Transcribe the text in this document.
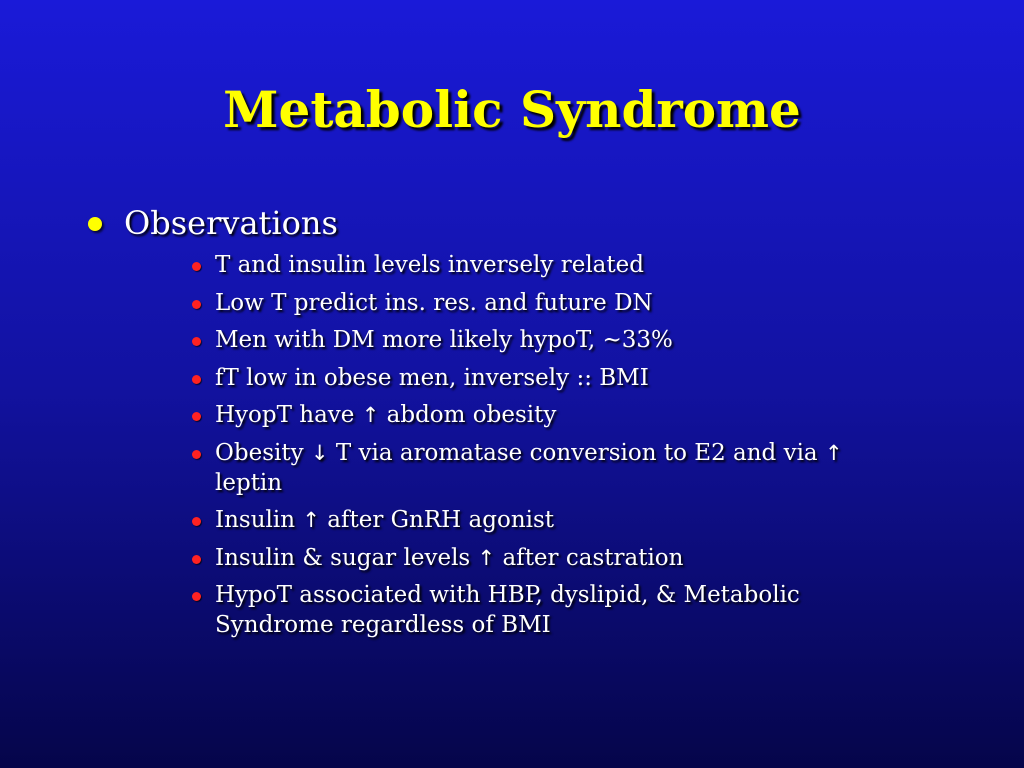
Metabolic Syndrome
Observations
T and insulin levels inversely related
Low T predict ins. res. and future DN
Men with DM more likely hypoT, ~33%
fT low in obese men, inversely :: BMI
HyopT have ↑ abdom obesity
Obesity ↓ T via aromatase conversion to E2 and via ↑ leptin
Insulin ↑ after GnRH agonist
Insulin & sugar levels ↑ after castration
HypoT associated with HBP, dyslipid, & Metabolic Syndrome regardless of BMI
